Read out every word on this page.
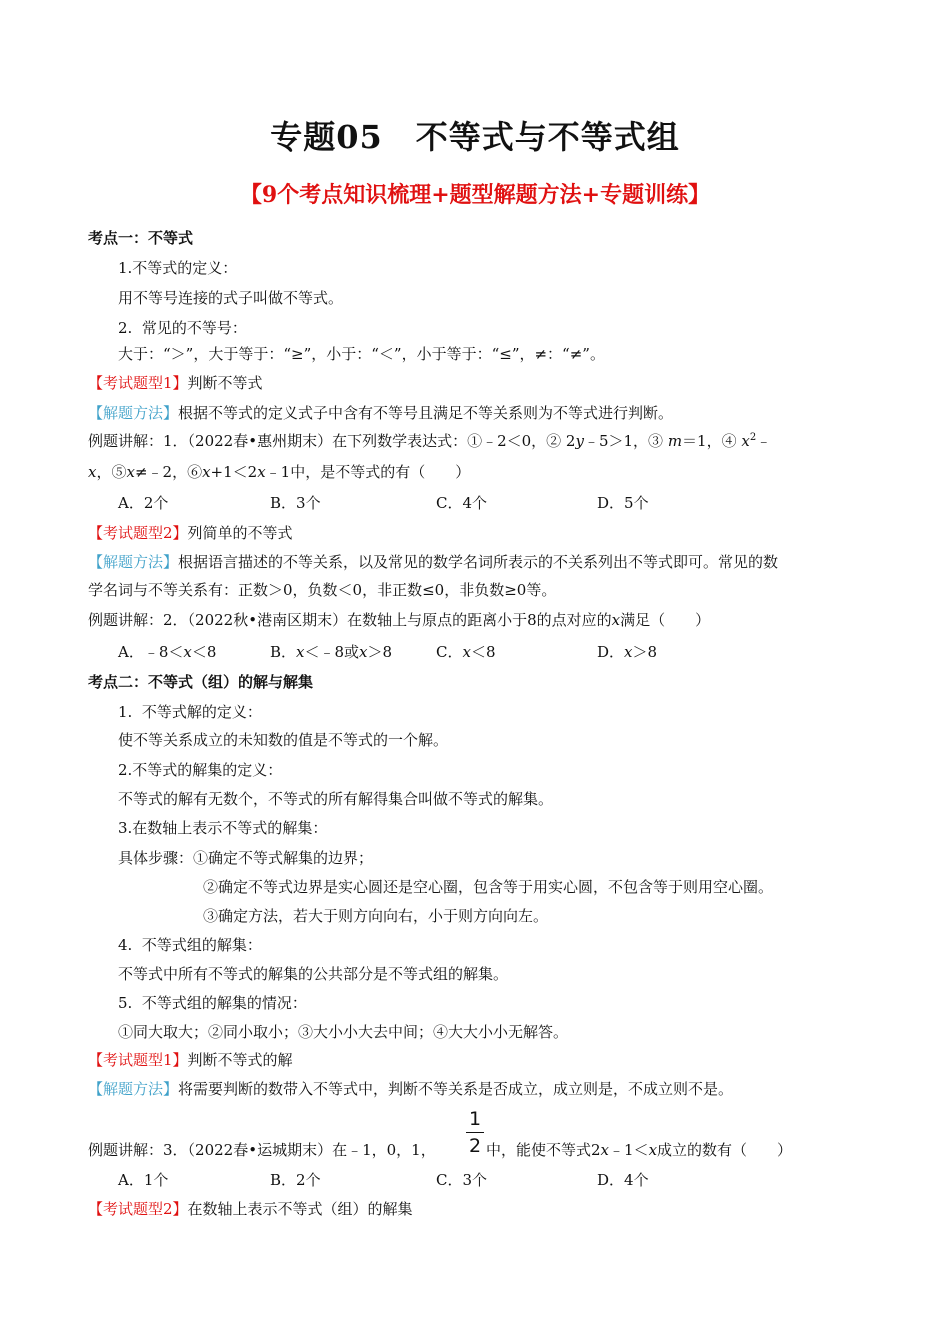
专题05　不等式与不等式组
【9个考点知识梳理+题型解题方法+专题训练】
考点一：不等式
1.不等式的定义：
用不等号连接的式子叫做不等式。
2.  常见的不等号：
大于：“＞”，大于等于：“≥”，小于：“＜”，小于等于：“≤”，≠：“≠”。
【考试题型1】判断不等式
【解题方法】根据不等式的定义式子中含有不等号且满足不等关系则为不等式进行判断。
例题讲解：1．（2022春•惠州期末）在下列数学表达式：①﹣2＜0，② 2y﹣5＞1，③ m＝1，④ $x^2﹣$
x，⑤x≠﹣2，⑥x+1＜2x﹣1中，是不等式的有（　　）
A．2个	B．3个	C．4个	D．5个
【考试题型2】列简单的不等式
【解题方法】根据语言描述的不等关系，以及常见的数学名词所表示的不关系列出不等式即可。常见的数
学名词与不等关系有：正数＞0，负数＜0，非正数≤0，非负数≥0等。
例题讲解：2．（2022秋•港南区期末）在数轴上与原点的距离小于8的点对应的x满足（　　）
A．﹣8＜x＜8	B．x＜﹣8或x＞8	C．x＜8	D．x＞8
考点二：不等式（组）的解与解集
1.  不等式解的定义：
使不等关系成立的未知数的值是不等式的一个解。
2.不等式的解集的定义：
不等式的解有无数个，不等式的所有解得集合叫做不等式的解集。
3.在数轴上表示不等式的解集：
具体步骤：①确定不等式解集的边界；
②确定不等式边界是实心圆还是空心圈，包含等于用实心圆，不包含等于则用空心圈。
③确定方法，若大于则方向向右，小于则方向向左。
4.  不等式组的解集：
不等式中所有不等式的解集的公共部分是不等式组的解集。
5.  不等式组的解集的情况：
①同大取大；②同小取小；③大小小大去中间；④大大小小无解答。
【考试题型1】判断不等式的解
【解题方法】将需要判断的数带入不等式中，判断不等关系是否成立，成立则是，不成立则不是。
1
2
例题讲解：3．（2022春•运城期末）在﹣1，0，1，	中，能使不等式2x﹣1＜x成立的数有（　　）
A．1个	B．2个	C．3个	D．4个
【考试题型2】在数轴上表示不等式（组）的解集
